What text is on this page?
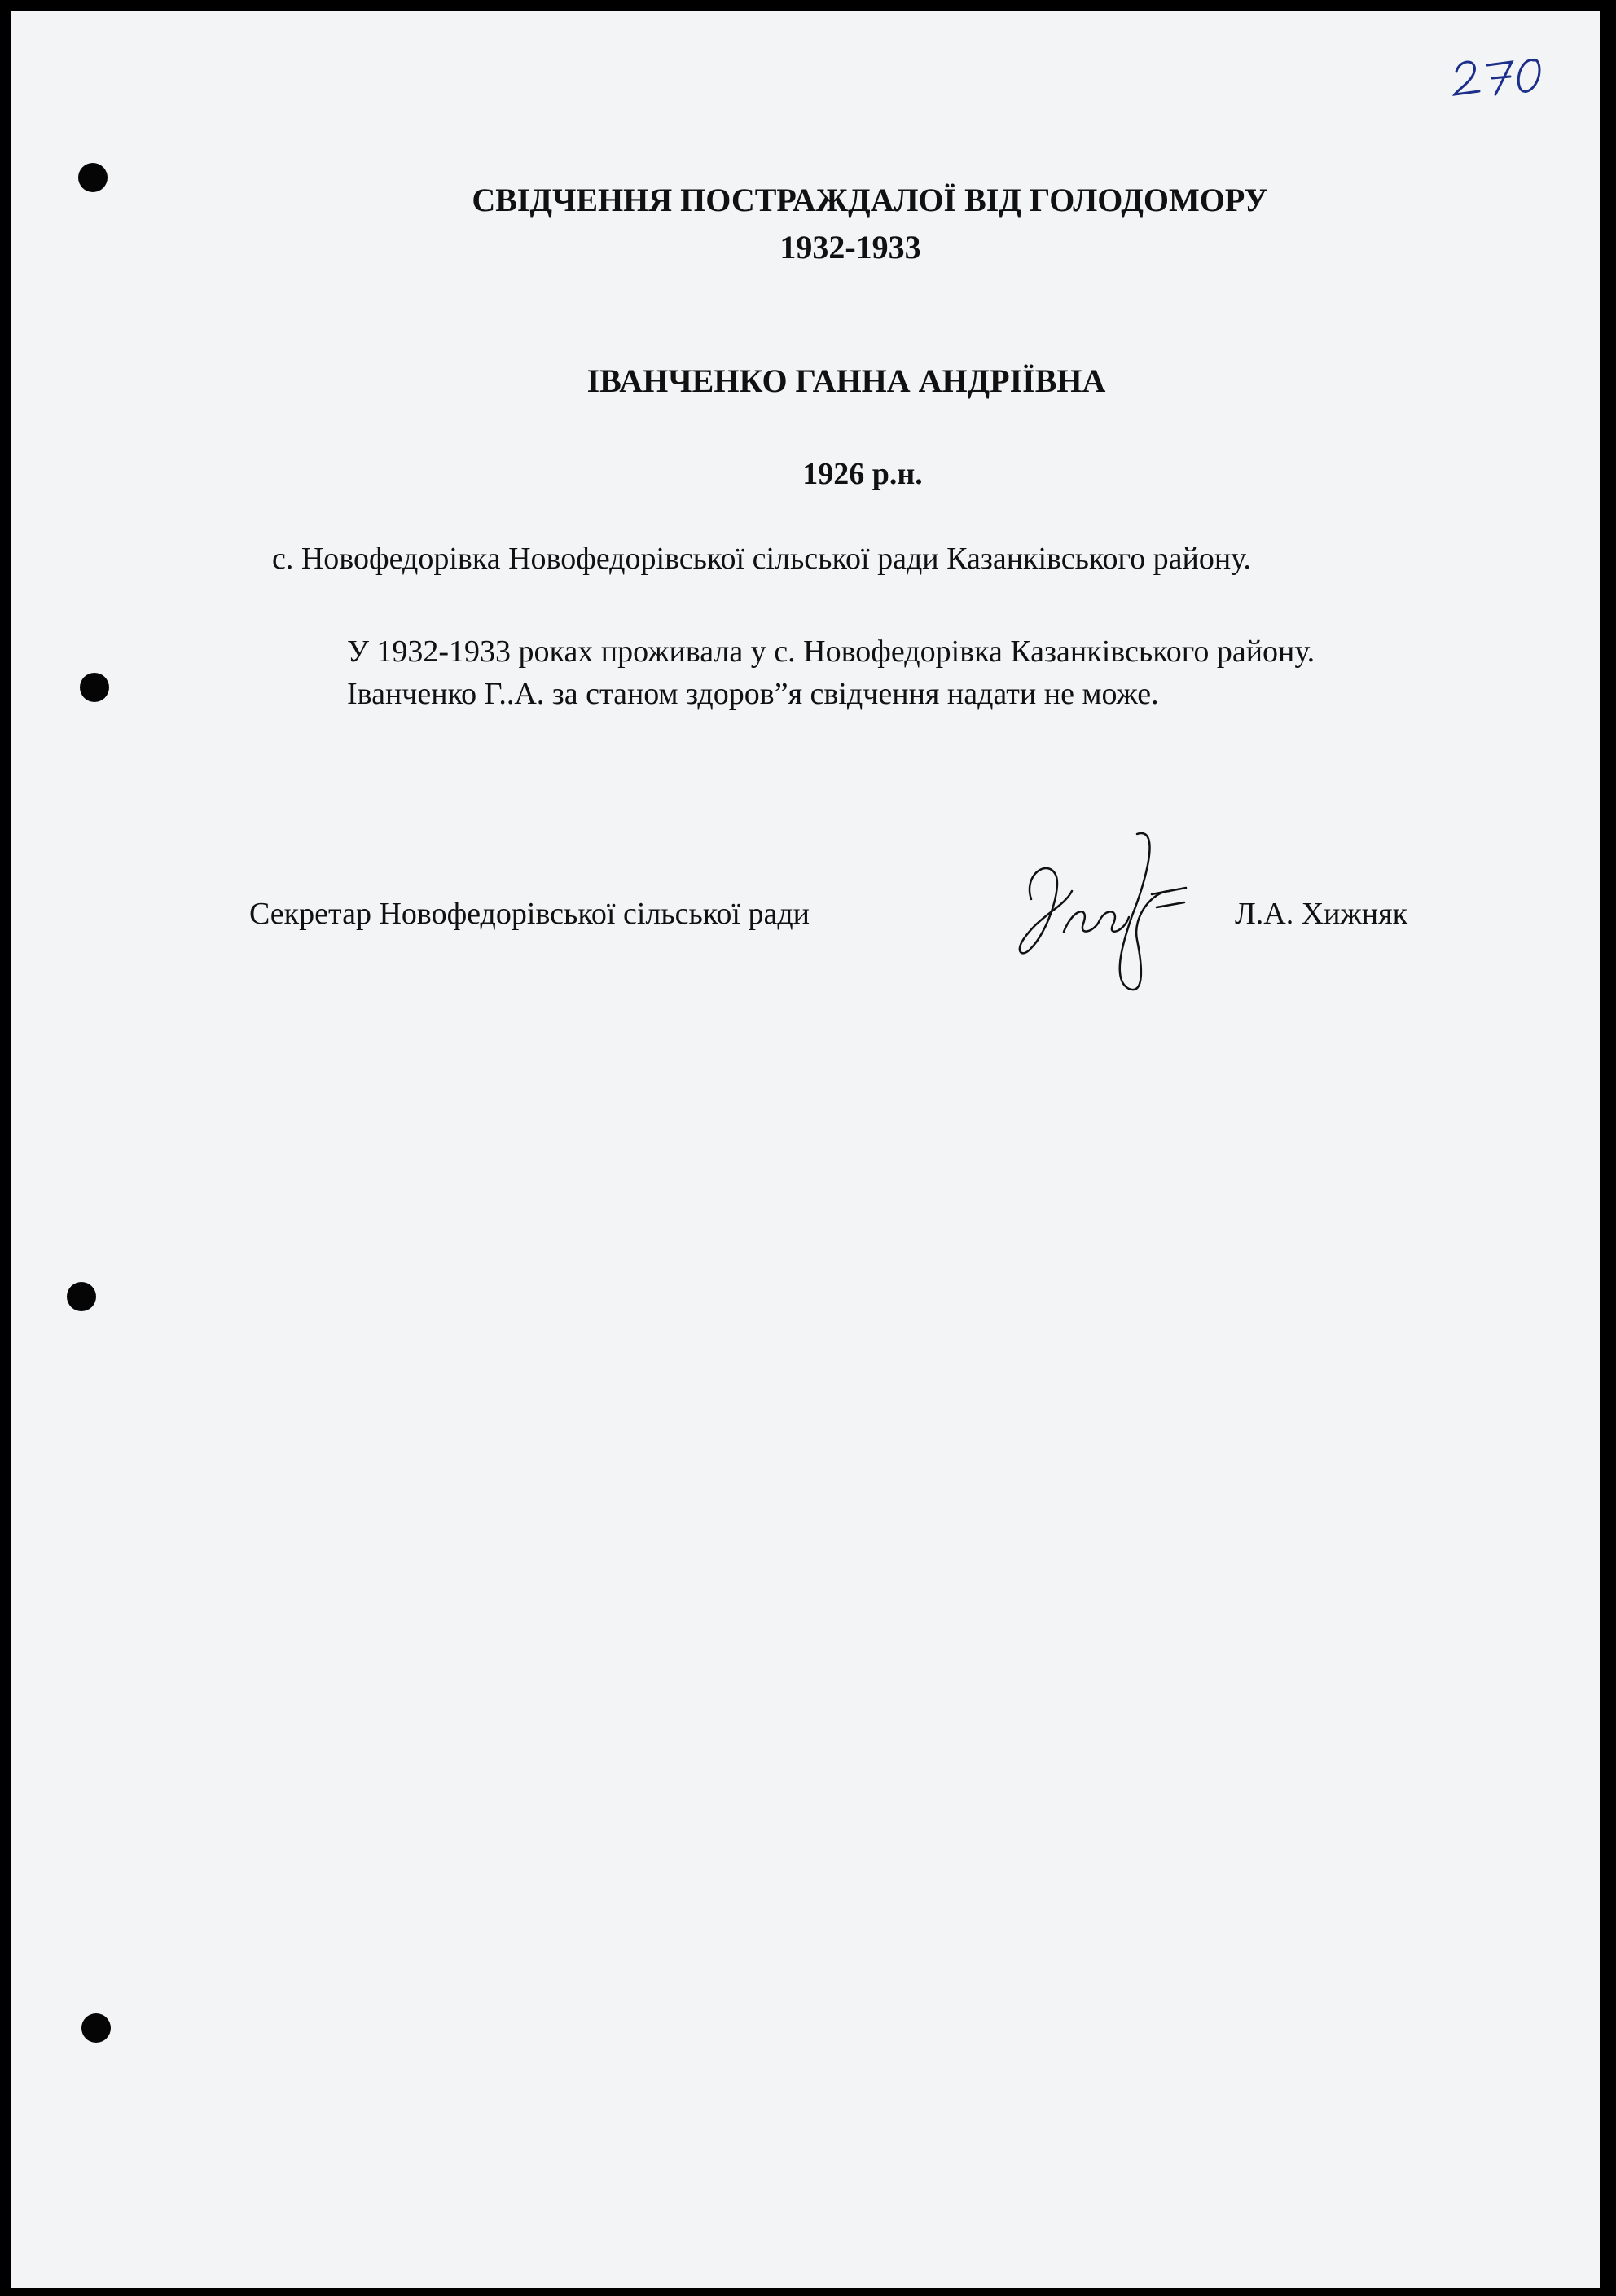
СВІДЧЕННЯ ПОСТРАЖДАЛОЇ ВІД ГОЛОДОМОРУ
1932-1933
ІВАНЧЕНКО ГАННА АНДРІЇВНА
1926 р.н.

с. Новофедорівка Новофедорівської сільської ради Казанківського району.

У 1932-1933 роках проживала у с. Новофедорівка Казанківського району.

Іванченко Г..А. за станом здоров”я свідчення надати не може.

Секретар Новофедорівської сільської ради	Л.А. Хижняк
